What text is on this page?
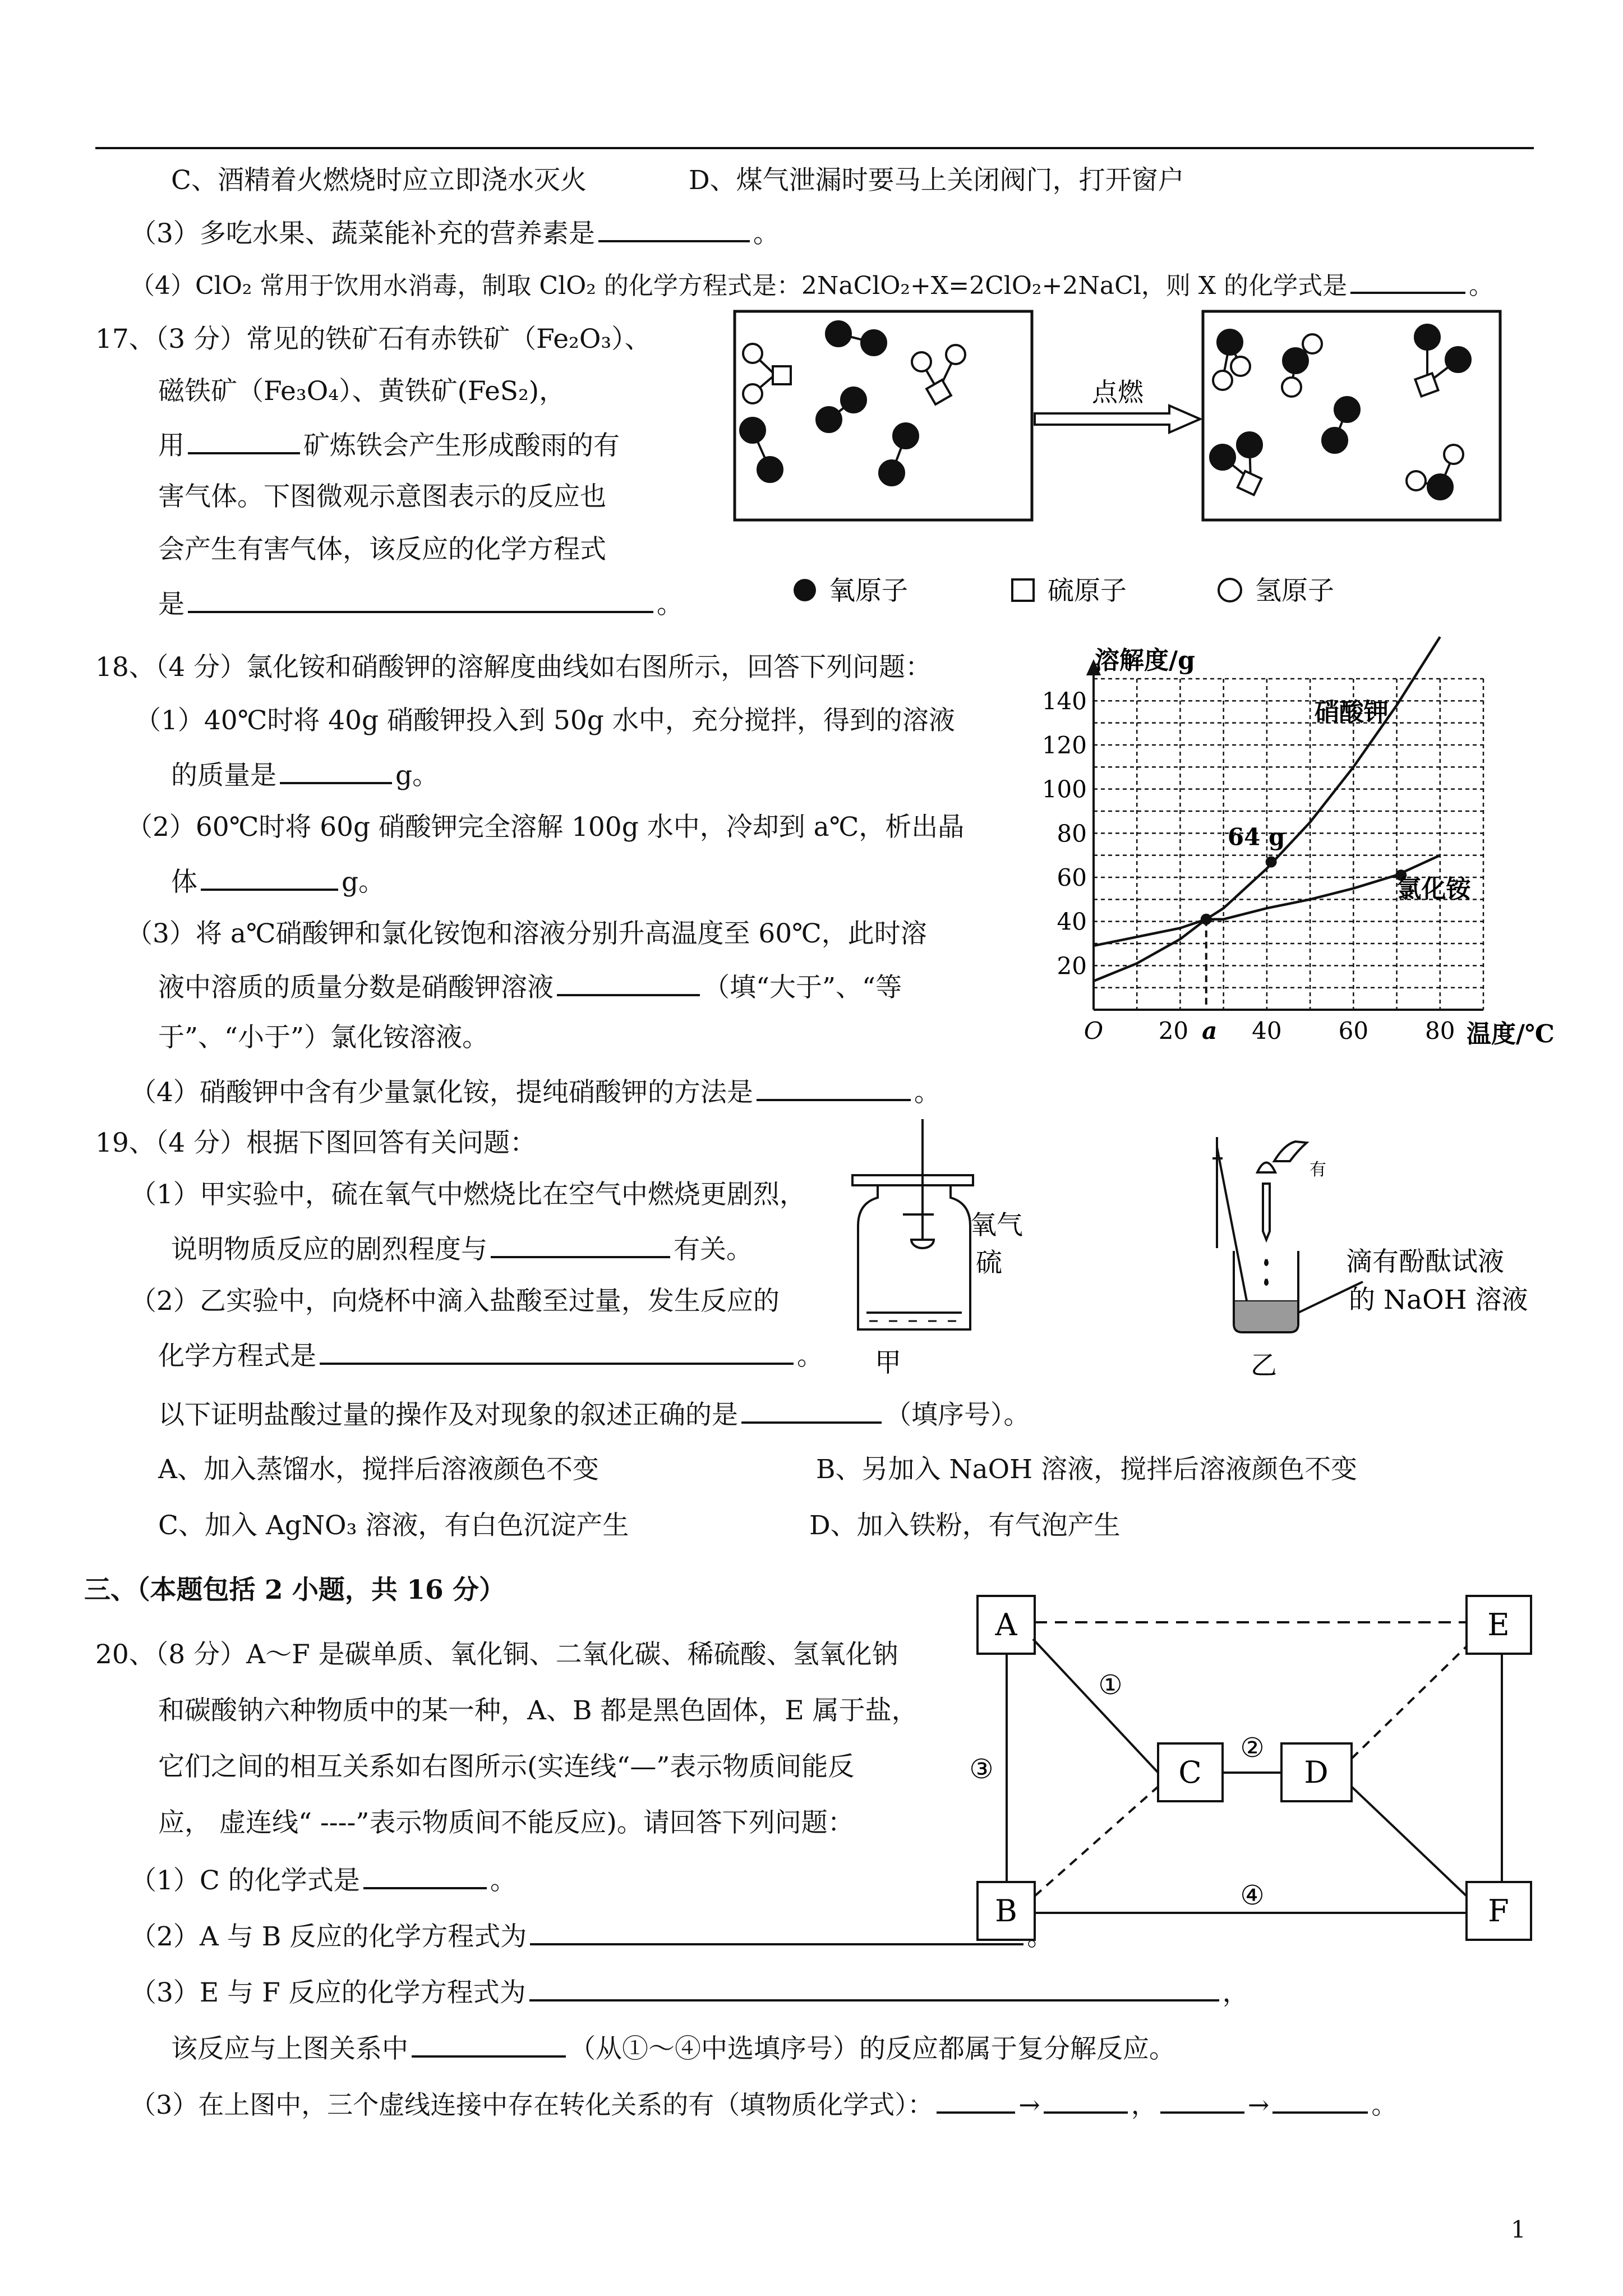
C、酒精着火燃烧时应立即浇水灭火	D、煤气泄漏时要马上关闭阀门，打开窗户
（3）多吃水果、蔬菜能补充的营养素是	。
（4）ClO₂ 常用于饮用水消毒，制取 ClO₂ 的化学方程式是：2NaClO₂+X=2ClO₂+2NaCl，则 X 的化学式是	。
17、（3 分）常见的铁矿石有赤铁矿（Fe₂O₃）、
磁铁矿（Fe₃O₄）、黄铁矿(FeS₂)，
用	矿炼铁会产生形成酸雨的有
害气体。下图微观示意图表示的反应也
会产生有害气体，该反应的化学方程式
是	。
点燃
氧原子	硫原子	氢原子
18、（4 分）氯化铵和硝酸钾的溶解度曲线如右图所示，回答下列问题：
（1）40℃时将 40g 硝酸钾投入到 50g 水中，充分搅拌，得到的溶液
的质量是	g。
（2）60℃时将 60g 硝酸钾完全溶解 100g 水中，冷却到 a℃，析出晶
体	g。
（3）将 a℃硝酸钾和氯化铵饱和溶液分别升高温度至 60℃，此时溶
液中溶质的质量分数是硝酸钾溶液	（填“大于”、“等
于”、“小于”）氯化铵溶液。
（4）硝酸钾中含有少量氯化铵，提纯硝酸钾的方法是	。
20
40
60
80
100
120
140
20	40 60 80
O	a
溶解度/g
温度/℃
64 g
硝酸钾
氯化铵
19、（4 分）根据下图回答有关问题：
（1）甲实验中，硫在氧气中燃烧比在空气中燃烧更剧烈，
说明物质反应的剧烈程度与	有关。
（2）乙实验中，向烧杯中滴入盐酸至过量，发生反应的
化学方程式是	。
以下证明盐酸过量的操作及对现象的叙述正确的是	（填序号）。
A、加入蒸馏水，搅拌后溶液颜色不变	B、另加入 NaOH 溶液，搅拌后溶液颜色不变
C、加入 AgNO₃ 溶液，有白色沉淀产生	D、加入铁粉，有气泡产生
氧气
硫
甲
有
滴有酚酞试液
的 NaOH 溶液
乙
三、（本题包括 2 小题，共 16 分）
20、（8 分）A～F 是碳单质、氧化铜、二氧化碳、稀硫酸、氢氧化钠
和碳酸钠六种物质中的某一种，A、B 都是黑色固体，E 属于盐，
它们之间的相互关系如右图所示(实连线“—”表示物质间能反
应， 虚连线“ ----”表示物质间不能反应)。请回答下列问题：
（1）C 的化学式是	。
（2）A 与 B 反应的化学方程式为	。
（3）E 与 F 反应的化学方程式为	，
该反应与上图关系中	（从①～④中选填序号）的反应都属于复分解反应。
（3）在上图中，三个虚线连接中存在转化关系的有（填物质化学式）：	→	，	→	。
A
B
C	D
E
F
①
②
③
④
1
